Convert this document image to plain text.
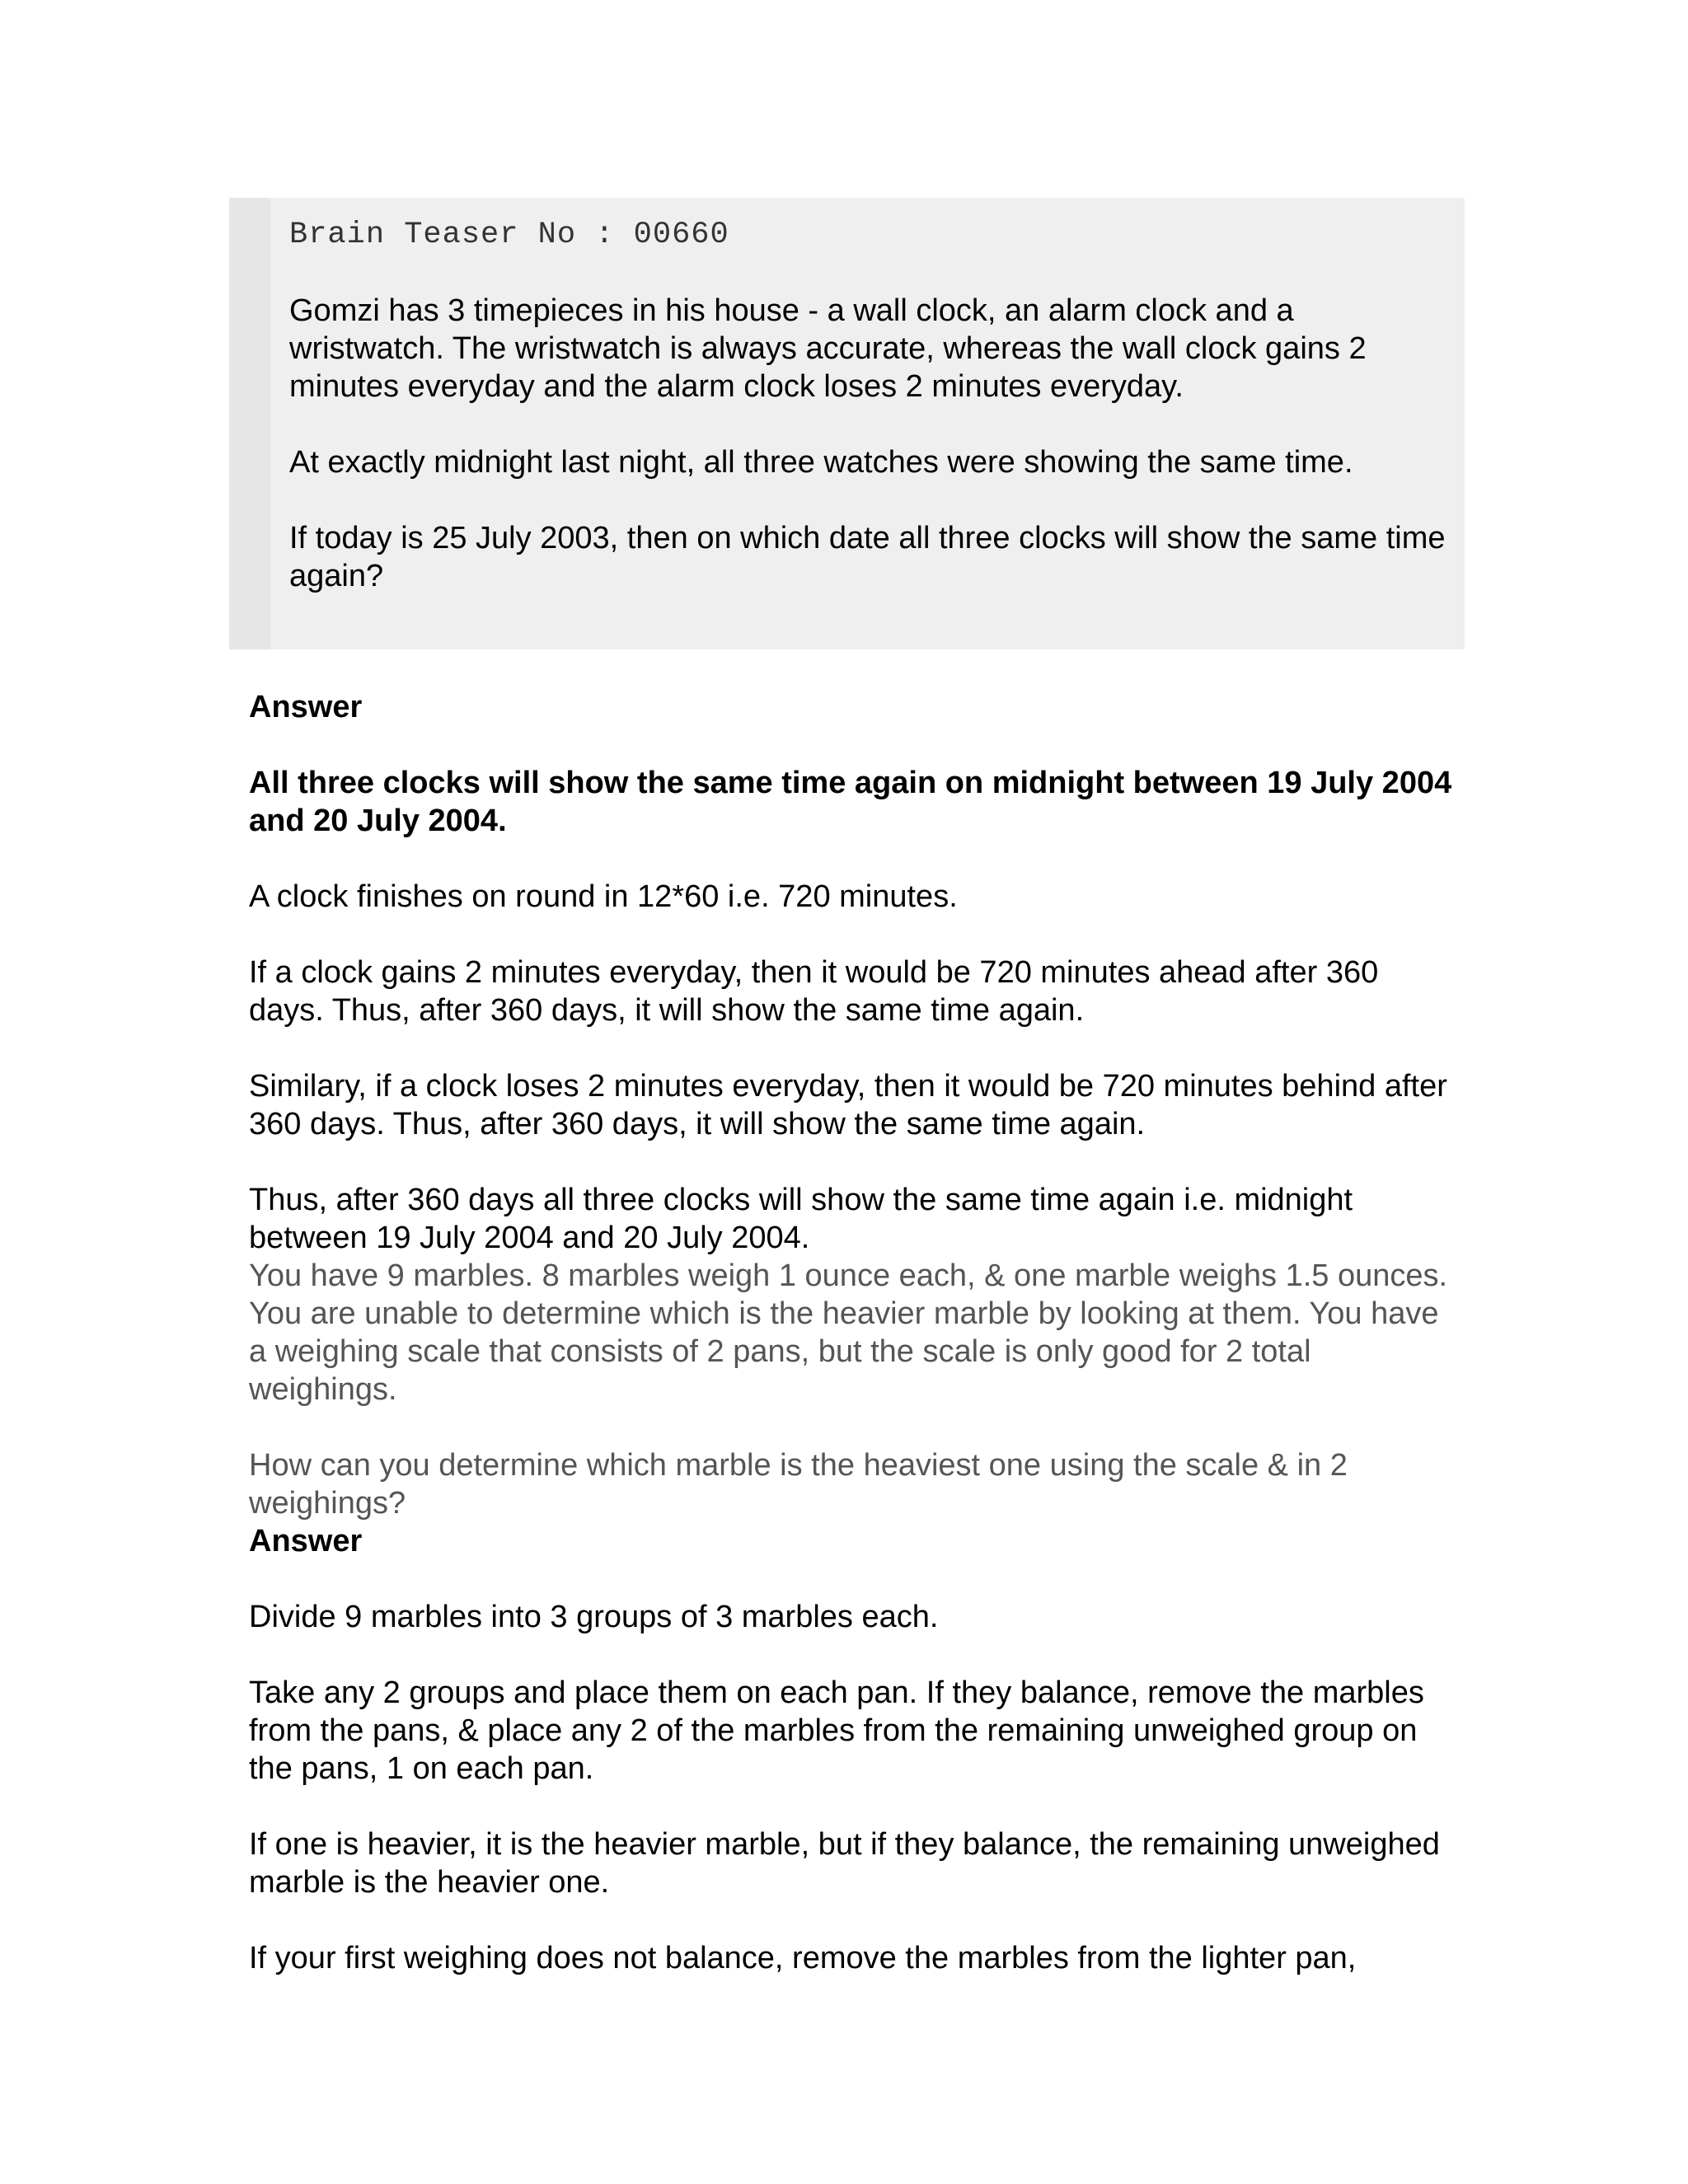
Brain Teaser No : 00660

Gomzi has 3 timepieces in his house - a wall clock, an alarm clock and a wristwatch. The wristwatch is always accurate, whereas the wall clock gains 2 minutes everyday and the alarm clock loses 2 minutes everyday.

At exactly midnight last night, all three watches were showing the same time.

If today is 25 July 2003, then on which date all three clocks will show the same time again?

Answer

All three clocks will show the same time again on midnight between 19 July 2004 and 20 July 2004.

A clock finishes on round in 12*60 i.e. 720 minutes.

If a clock gains 2 minutes everyday, then it would be 720 minutes ahead after 360 days. Thus, after 360 days, it will show the same time again.

Similary, if a clock loses 2 minutes everyday, then it would be 720 minutes behind after 360 days. Thus, after 360 days, it will show the same time again.

Thus, after 360 days all three clocks will show the same time again i.e. midnight between 19 July 2004 and 20 July 2004.

You have 9 marbles. 8 marbles weigh 1 ounce each, & one marble weighs 1.5 ounces. You are unable to determine which is the heavier marble by looking at them. You have a weighing scale that consists of 2 pans, but the scale is only good for 2 total weighings.

How can you determine which marble is the heaviest one using the scale & in 2 weighings?

Answer

Divide 9 marbles into 3 groups of 3 marbles each.

Take any 2 groups and place them on each pan. If they balance, remove the marbles from the pans, & place any 2 of the marbles from the remaining unweighed group on the pans, 1 on each pan.

If one is heavier, it is the heavier marble, but if they balance, the remaining unweighed marble is the heavier one.

If your first weighing does not balance, remove the marbles from the lighter pan,
